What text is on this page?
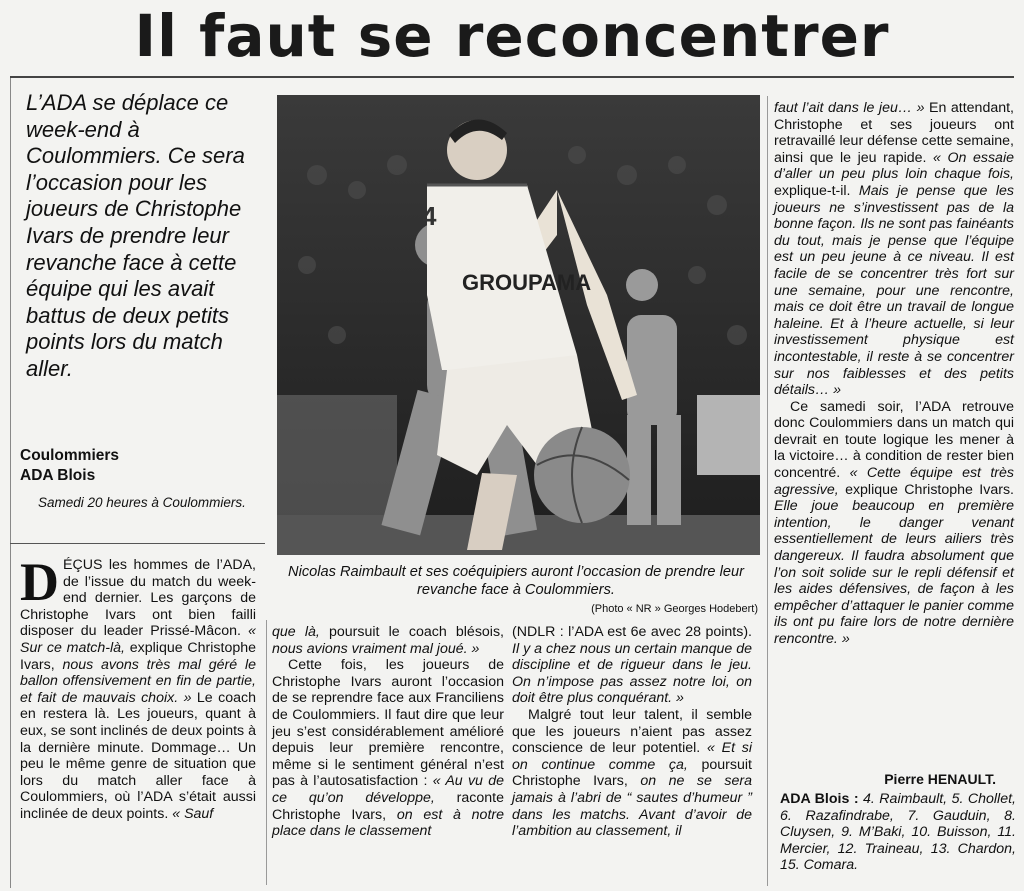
Il faut se reconcentrer
L’ADA se déplace ce week-end à Coulommiers. Ce sera l’occasion pour les joueurs de Christophe Ivars de prendre leur revanche face à cette équipe qui les avait battus de deux petits points lors du match aller.
Coulommiers
ADA Blois
Samedi 20 heures à Coulommiers.

DÉÇUS les hommes de l’ADA, de l’issue du match du week-end dernier. Les garçons de Christophe Ivars ont bien failli disposer du leader Prissé-Mâcon. « Sur ce match-là, explique Christophe Ivars, nous avons très mal géré le ballon offensivement en fin de partie, et fait de mauvais choix. » Le coach en restera là. Les joueurs, quant à eux, se sont inclinés de deux points à la dernière minute. Dommage… Un peu le même genre de situation que lors du match aller face à Coulommiers, où l’ADA s’était aussi inclinée de deux points. « Sauf

GROUPAMA
4
Nicolas Raimbault et ses coéquipiers auront l’occasion de prendre leur revanche face à Coulommiers.
(Photo « NR » Georges Hodebert)

que là, poursuit le coach blésois, nous avions vraiment mal joué. »

Cette fois, les joueurs de Christophe Ivars auront l’occasion de se reprendre face aux Franciliens de Coulommiers. Il faut dire que leur jeu s’est considérablement amélioré depuis leur première rencontre, même si le sentiment général n’est pas à l’autosatisfaction : « Au vu de ce qu’on développe, raconte Christophe Ivars, on est à notre place dans le classement

(NDLR : l’ADA est 6e avec 28 points). Il y a chez nous un certain manque de discipline et de rigueur dans le jeu. On n’impose pas assez notre loi, on doit être plus conquérant. »

Malgré tout leur talent, il semble que les joueurs n’aient pas assez conscience de leur potentiel. « Et si on continue comme ça, poursuit Christophe Ivars, on ne se sera jamais à l’abri de “ sautes d’humeur ” dans les matchs. Avant d’avoir de l’ambition au classement, il

faut l’ait dans le jeu… » En attendant, Christophe et ses joueurs ont retravaillé leur défense cette semaine, ainsi que le jeu rapide. « On essaie d’aller un peu plus loin chaque fois, explique-t-il. Mais je pense que les joueurs ne s’investissent pas de la bonne façon. Ils ne sont pas fainéants du tout, mais je pense que l’équipe est un peu jeune à ce niveau. Il est facile de se concentrer très fort sur une semaine, pour une rencontre, mais ce doit être un travail de longue haleine. Et à l’heure actuelle, si leur investissement physique est incontestable, il reste à se concentrer sur nos faiblesses et des petits détails… »

Ce samedi soir, l’ADA retrouve donc Coulommiers dans un match qui devrait en toute logique les mener à la victoire… à condition de rester bien concentré. « Cette équipe est très agressive, explique Christophe Ivars. Elle joue beaucoup en première intention, le danger venant essentiellement de leurs ailiers très dangereux. Il faudra absolument que l’on soit solide sur le repli défensif et les aides défensives, de façon à les empêcher d’attaquer le panier comme ils ont pu faire lors de notre dernière rencontre. »

Pierre HENAULT.
ADA Blois : 4. Raimbault, 5. Chollet, 6. Razafindrabe, 7. Gauduin, 8. Cluysen, 9. M’Baki, 10. Buisson, 11. Mercier, 12. Traineau, 13. Chardon, 15. Comara.
